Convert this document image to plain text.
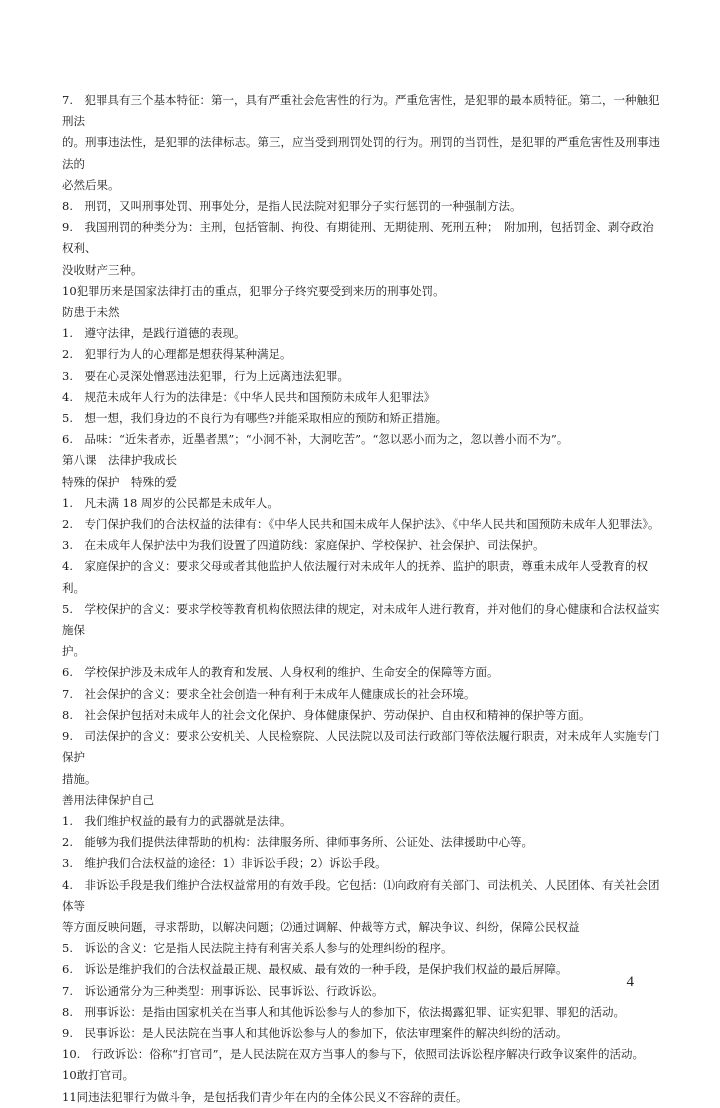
7.　犯罪具有三个基本特征：第一，具有严重社会危害性的行为。严重危害性，是犯罪的最本质特征。第二，一种触犯刑法

的。刑事违法性，是犯罪的法律标志。第三，应当受到刑罚处罚的行为。刑罚的当罚性，是犯罪的严重危害性及刑事违法的

必然后果。

8.　刑罚，又叫刑事处罚、刑事处分，是指人民法院对犯罪分子实行惩罚的一种强制方法。

9.　我国刑罚的种类分为：主刑，包括管制、拘役、有期徒刑、无期徒刑、死刑五种；　附加刑，包括罚金、剥夺政治权利、

没收财产三种。

10犯罪历来是国家法律打击的重点，犯罪分子终究要受到来历的刑事处罚。

防患于未然

1.　遵守法律，是践行道德的表现。

2.　犯罪行为人的心理都是想获得某种满足。

3.　要在心灵深处憎恶违法犯罪，行为上远离违法犯罪。

4.　规范未成年人行为的法律是：《中华人民共和国预防未成年人犯罪法》

5.　想一想，我们身边的不良行为有哪些?并能采取相应的预防和矫正措施。

6.　品味：“近朱者赤，近墨者黑”；“小洞不补，大洞吃苦”。“忽以恶小而为之，忽以善小而不为”。

第八课　法律护我成长

特殊的保护　特殊的爱

1.　凡未满 18 周岁的公民都是未成年人。

2.　专门保护我们的合法权益的法律有：《中华人民共和国未成年人保护法》、《中华人民共和国预防未成年人犯罪法》。

3.　在未成年人保护法中为我们设置了四道防线：家庭保护、学校保护、社会保护、司法保护。

4.　家庭保护的含义：要求父母或者其他监护人依法履行对未成年人的抚养、监护的职责，尊重未成年人受教育的权利。

5.　学校保护的含义：要求学校等教育机构依照法律的规定，对未成年人进行教育，并对他们的身心健康和合法权益实施保

护。

6.　学校保护涉及未成年人的教育和发展、人身权利的维护、生命安全的保障等方面。

7.　社会保护的含义：要求全社会创造一种有利于未成年人健康成长的社会环境。

8.　社会保护包括对未成年人的社会文化保护、身体健康保护、劳动保护、自由权和精神的保护等方面。

9.　司法保护的含义：要求公安机关、人民检察院、人民法院以及司法行政部门等依法履行职责，对未成年人实施专门保护

措施。

善用法律保护自己

1.　我们维护权益的最有力的武器就是法律。

2.　能够为我们提供法律帮助的机构：法律服务所、律师事务所、公证处、法律援助中心等。

3.　维护我们合法权益的途径：1）非诉讼手段；2）诉讼手段。

4.　非诉讼手段是我们维护合法权益常用的有效手段。它包括：⑴向政府有关部门、司法机关、人民团体、有关社会团体等

等方面反映问题，寻求帮助，以解决问题；⑵通过调解、仲裁等方式，解决争议、纠纷，保障公民权益

5.　诉讼的含义：它是指人民法院主持有利害关系人参与的处理纠纷的程序。

6.　诉讼是维护我们的合法权益最正规、最权威、最有效的一种手段，是保护我们权益的最后屏障。

7.　诉讼通常分为三种类型：刑事诉讼、民事诉讼、行政诉讼。

8.　刑事诉讼：是指由国家机关在当事人和其他诉讼参与人的参加下，依法揭露犯罪、证实犯罪、罪犯的活动。

9.　民事诉讼：是人民法院在当事人和其他诉讼参与人的参加下，依法审理案件的解决纠纷的活动。

10.　行政诉讼：俗称“打官司”，是人民法院在双方当事人的参与下，依照司法诉讼程序解决行政争议案件的活动。

10敢打官司。

11同违法犯罪行为做斗争，是包括我们青少年在内的全体公民义不容辞的责任。

4
